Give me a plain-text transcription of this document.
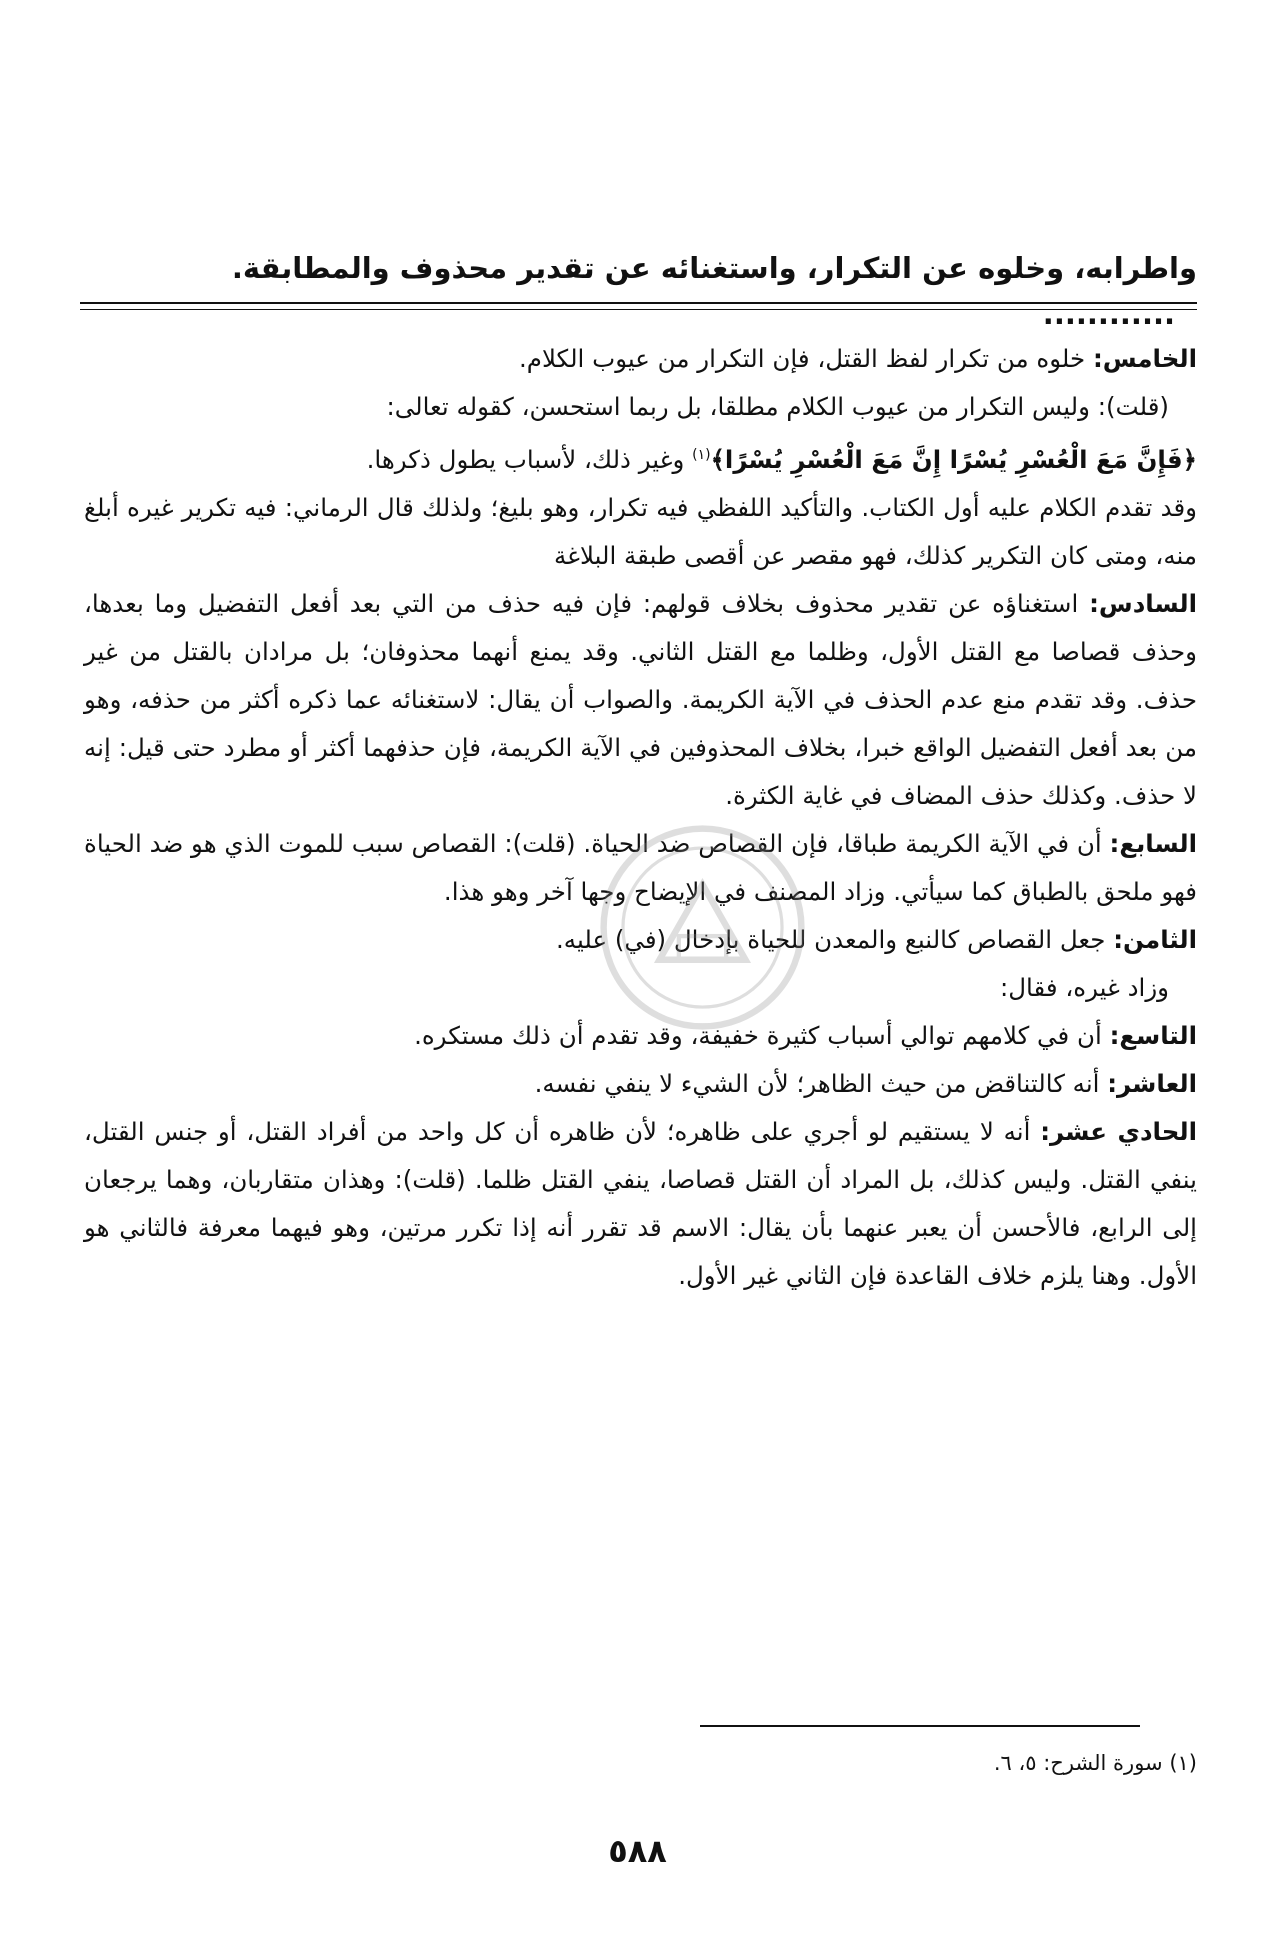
واطرابه، وخلوه عن التكرار، واستغنائه عن تقدير محذوف والمطابقة. ............

الخامس: خلوه من تكرار لفظ القتل، فإن التكرار من عيوب الكلام.

(قلت): وليس التكرار من عيوب الكلام مطلقا، بل ربما استحسن، كقوله تعالى:

﴿فَإِنَّ مَعَ الْعُسْرِ يُسْرًا إِنَّ مَعَ الْعُسْرِ يُسْرًا﴾$^{(١)}$ وغير ذلك، لأسباب يطول ذكرها.

وقد تقدم الكلام عليه أول الكتاب. والتأكيد اللفظي فيه تكرار، وهو بليغ؛ ولذلك قال الرماني: فيه تكرير غيره أبلغ منه، ومتى كان التكرير كذلك، فهو مقصر عن أقصى طبقة البلاغة

السادس: استغناؤه عن تقدير محذوف بخلاف قولهم: فإن فيه حذف من التي بعد أفعل التفضيل وما بعدها، وحذف قصاصا مع القتل الأول، وظلما مع القتل الثاني. وقد يمنع أنهما محذوفان؛ بل مرادان بالقتل من غير حذف. وقد تقدم منع عدم الحذف في الآية الكريمة. والصواب أن يقال: لاستغنائه عما ذكره أكثر من حذفه، وهو من بعد أفعل التفضيل الواقع خبرا، بخلاف المحذوفين في الآية الكريمة، فإن حذفهما أكثر أو مطرد حتى قيل: إنه لا حذف. وكذلك حذف المضاف في غاية الكثرة.

السابع: أن في الآية الكريمة طباقا، فإن القصاص ضد الحياة. (قلت): القصاص سبب للموت الذي هو ضد الحياة فهو ملحق بالطباق كما سيأتي. وزاد المصنف في الإيضاح وجها آخر وهو هذا.

الثامن: جعل القصاص كالنبع والمعدن للحياة بإدخال (في) عليه.

وزاد غيره، فقال:

التاسع: أن في كلامهم توالي أسباب كثيرة خفيفة، وقد تقدم أن ذلك مستكره.

العاشر: أنه كالتناقض من حيث الظاهر؛ لأن الشيء لا ينفي نفسه.

الحادي عشر: أنه لا يستقيم لو أجري على ظاهره؛ لأن ظاهره أن كل واحد من أفراد القتل، أو جنس القتل، ينفي القتل. وليس كذلك، بل المراد أن القتل قصاصا، ينفي القتل ظلما. (قلت): وهذان متقاربان، وهما يرجعان إلى الرابع، فالأحسن أن يعبر عنهما بأن يقال: الاسم قد تقرر أنه إذا تكرر مرتين، وهو فيهما معرفة فالثاني هو الأول. وهنا يلزم خلاف القاعدة فإن الثاني غير الأول.

(١) سورة الشرح: ٥، ٦.
٥٨٨
